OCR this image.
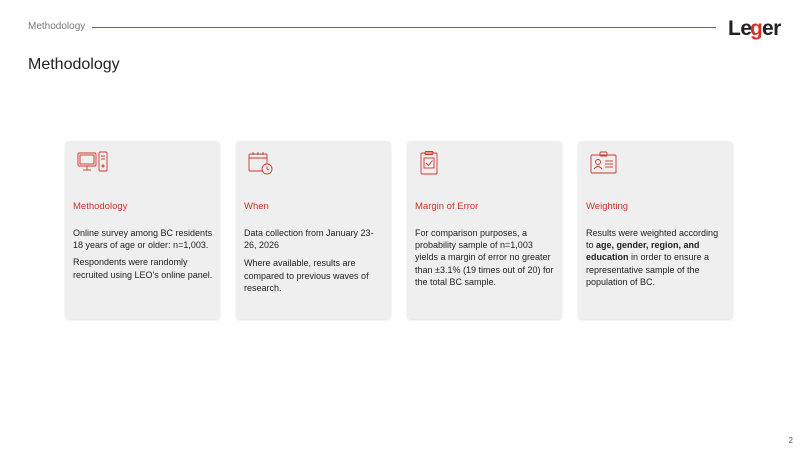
Methodology	Le
g er
Methodology
Methodology

Online survey among BC residents 18 years of age or older: n=1,003.

Respondents were randomly recruited using LEO's online panel.

When

Data collection from January 23-26, 2026

Where available, results are compared to previous waves of research.

Margin of Error

For comparison purposes, a probability sample of n=1,003 yields a margin of error no greater than ±3.1% (19 times out of 20) for the total BC sample.

Weighting

Results were weighted according to age, gender, region, and education in order to ensure a representative sample of the population of BC.

2
